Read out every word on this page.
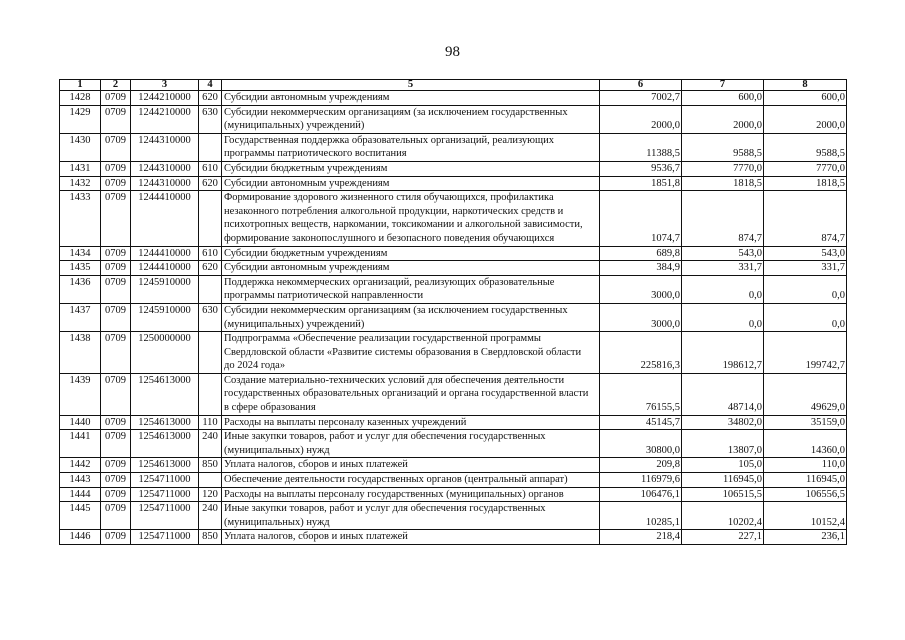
98
1	2	3	4	5	6	7	8
1428	0709	1244210000	620	Субсидии автономным учреждениям	7002,7	600,0	600,0
1429	0709	1244210000	630	Субсидии некоммерческим организациям (за исключением государственных
(муниципальных) учреждений)	2000,0	2000,0	2000,0
1430	0709	1244310000		Государственная поддержка образовательных организаций, реализующих
программы патриотического воспитания	11388,5	9588,5	9588,5
1431	0709	1244310000	610	Субсидии бюджетным учреждениям	9536,7	7770,0	7770,0
1432	0709	1244310000	620	Субсидии автономным учреждениям	1851,8	1818,5	1818,5
1433	0709	1244410000		Формирование здорового жизненного стиля обучающихся, профилактика
незаконного потребления алкогольной продукции, наркотических средств и
психотропных веществ, наркомании, токсикомании и алкогольной зависимости,
формирование законопослушного и безопасного поведения обучающихся	1074,7	874,7	874,7
1434	0709	1244410000	610	Субсидии бюджетным учреждениям	689,8	543,0	543,0
1435	0709	1244410000	620	Субсидии автономным учреждениям	384,9	331,7	331,7
1436	0709	1245910000		Поддержка некоммерческих организаций, реализующих образовательные
программы патриотической направленности	3000,0	0,0	0,0
1437	0709	1245910000	630	Субсидии некоммерческим организациям (за исключением государственных
(муниципальных) учреждений)	3000,0	0,0	0,0
1438	0709	1250000000		Подпрограмма «Обеспечение реализации государственной программы
Свердловской области «Развитие системы образования в Свердловской области
до 2024 года»	225816,3	198612,7	199742,7
1439	0709	1254613000		Создание материально-технических условий для обеспечения деятельности
государственных образовательных организаций и органа государственной власти
в сфере образования	76155,5	48714,0	49629,0
1440	0709	1254613000	110	Расходы на выплаты персоналу казенных учреждений	45145,7	34802,0	35159,0
1441	0709	1254613000	240	Иные закупки товаров, работ и услуг для обеспечения государственных
(муниципальных) нужд	30800,0	13807,0	14360,0
1442	0709	1254613000	850	Уплата налогов, сборов и иных платежей	209,8	105,0	110,0
1443	0709	1254711000		Обеспечение деятельности государственных органов (центральный аппарат)	116979,6	116945,0	116945,0
1444	0709	1254711000	120	Расходы на выплаты персоналу государственных (муниципальных) органов	106476,1	106515,5	106556,5
1445	0709	1254711000	240	Иные закупки товаров, работ и услуг для обеспечения государственных
(муниципальных) нужд	10285,1	10202,4	10152,4
1446	0709	1254711000	850	Уплата налогов, сборов и иных платежей	218,4	227,1	236,1
